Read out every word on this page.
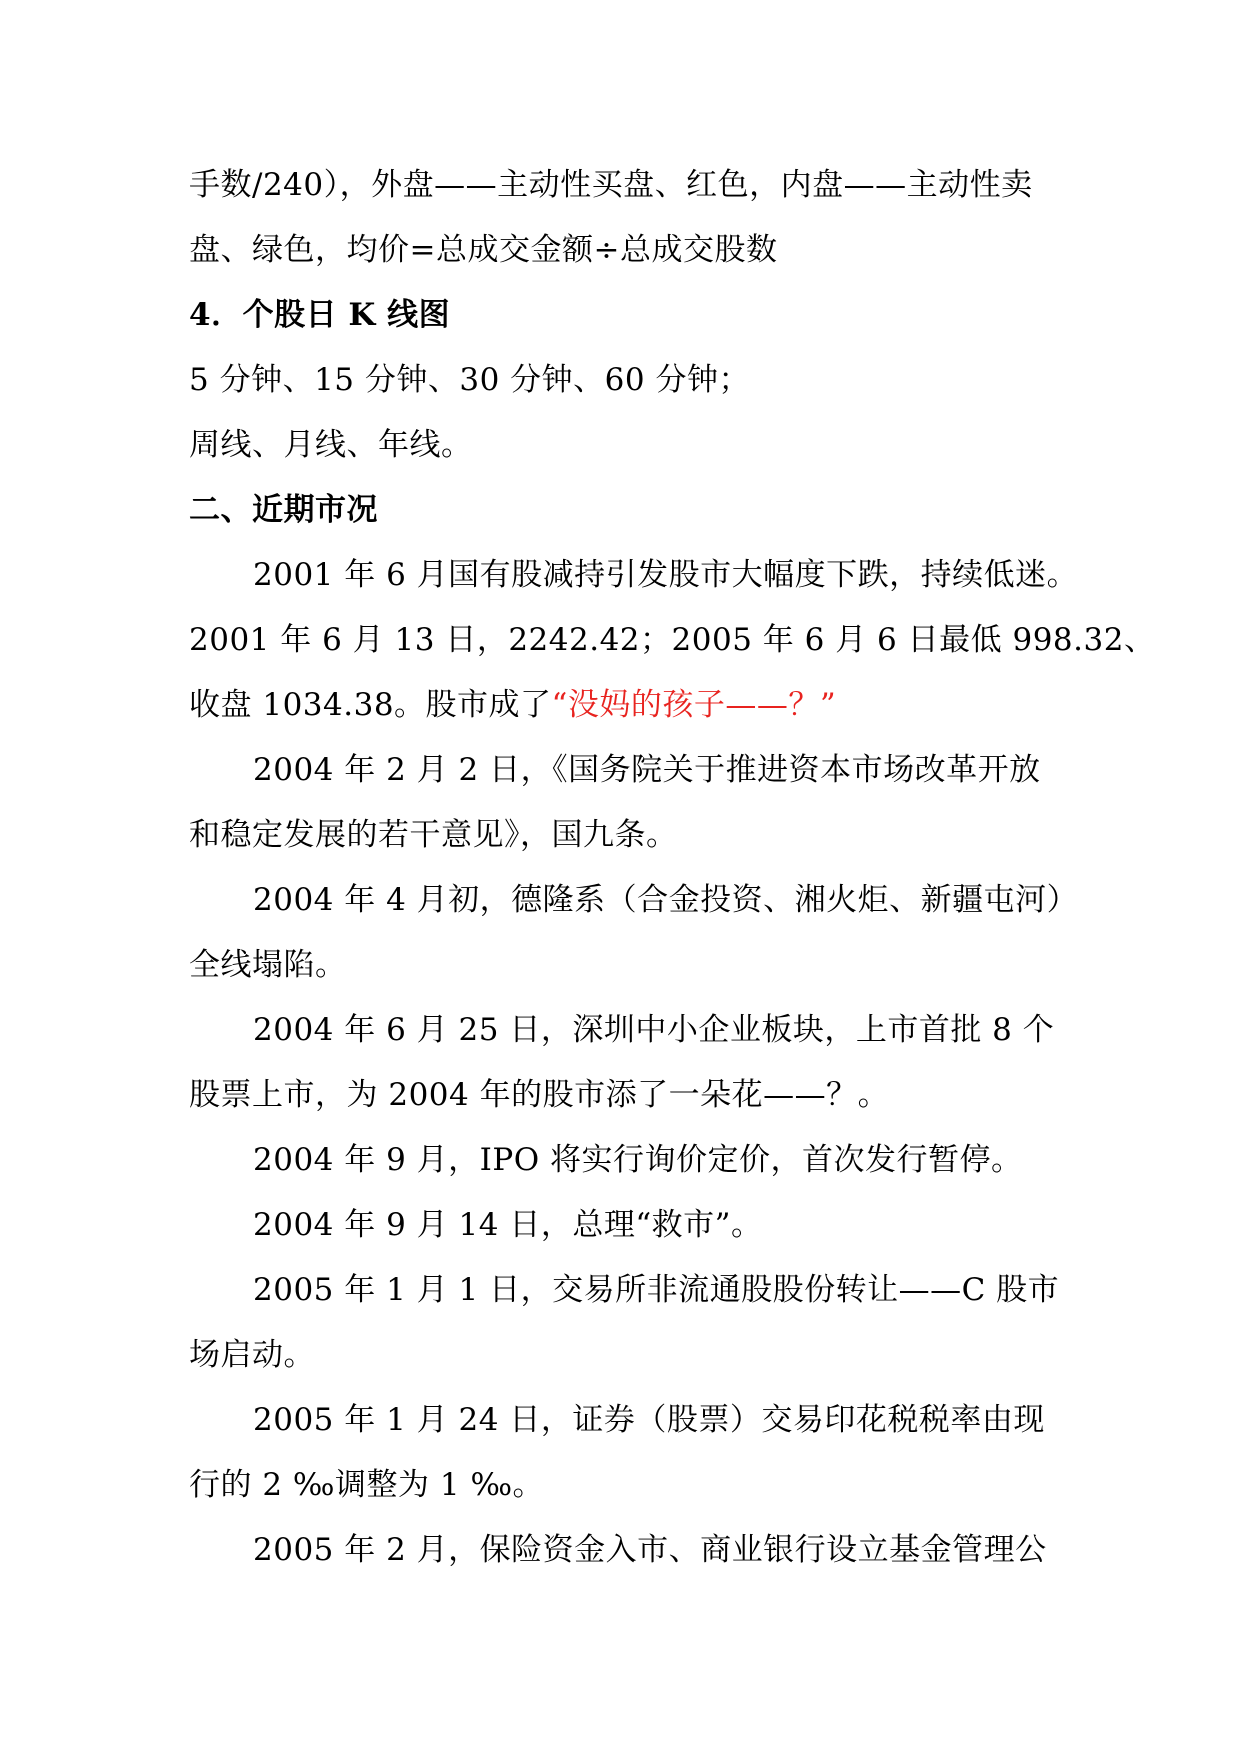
手数/240），外盘——主动性买盘、红色，内盘——主动性卖
盘、绿色，均价=总成交金额÷总成交股数
4．个股日 K 线图
5 分钟、15 分钟、30 分钟、60 分钟；
周线、月线、年线。
二、近期市况
2001 年 6 月国有股减持引发股市大幅度下跌，持续低迷。
2001 年 6 月 13 日，2242.42；2005 年 6 月 6 日最低 998.32、
收盘 1034.38。股市成了“没妈的孩子——？”
2004 年 2 月 2 日，《国务院关于推进资本市场改革开放
和稳定发展的若干意见》，国九条。
2004 年 4 月初，德隆系（合金投资、湘火炬、新疆屯河）
全线塌陷。
2004 年 6 月 25 日，深圳中小企业板块，上市首批 8 个
股票上市，为 2004 年的股市添了一朵花——？。
2004 年 9 月，IPO 将实行询价定价，首次发行暂停。
2004 年 9 月 14 日，总理“救市”。
2005 年 1 月 1 日，交易所非流通股股份转让——C 股市
场启动。
2005 年 1 月 24 日，证券（股票）交易印花税税率由现
行的 2 ‰调整为 1 ‰。
2005 年 2 月，保险资金入市、商业银行设立基金管理公
